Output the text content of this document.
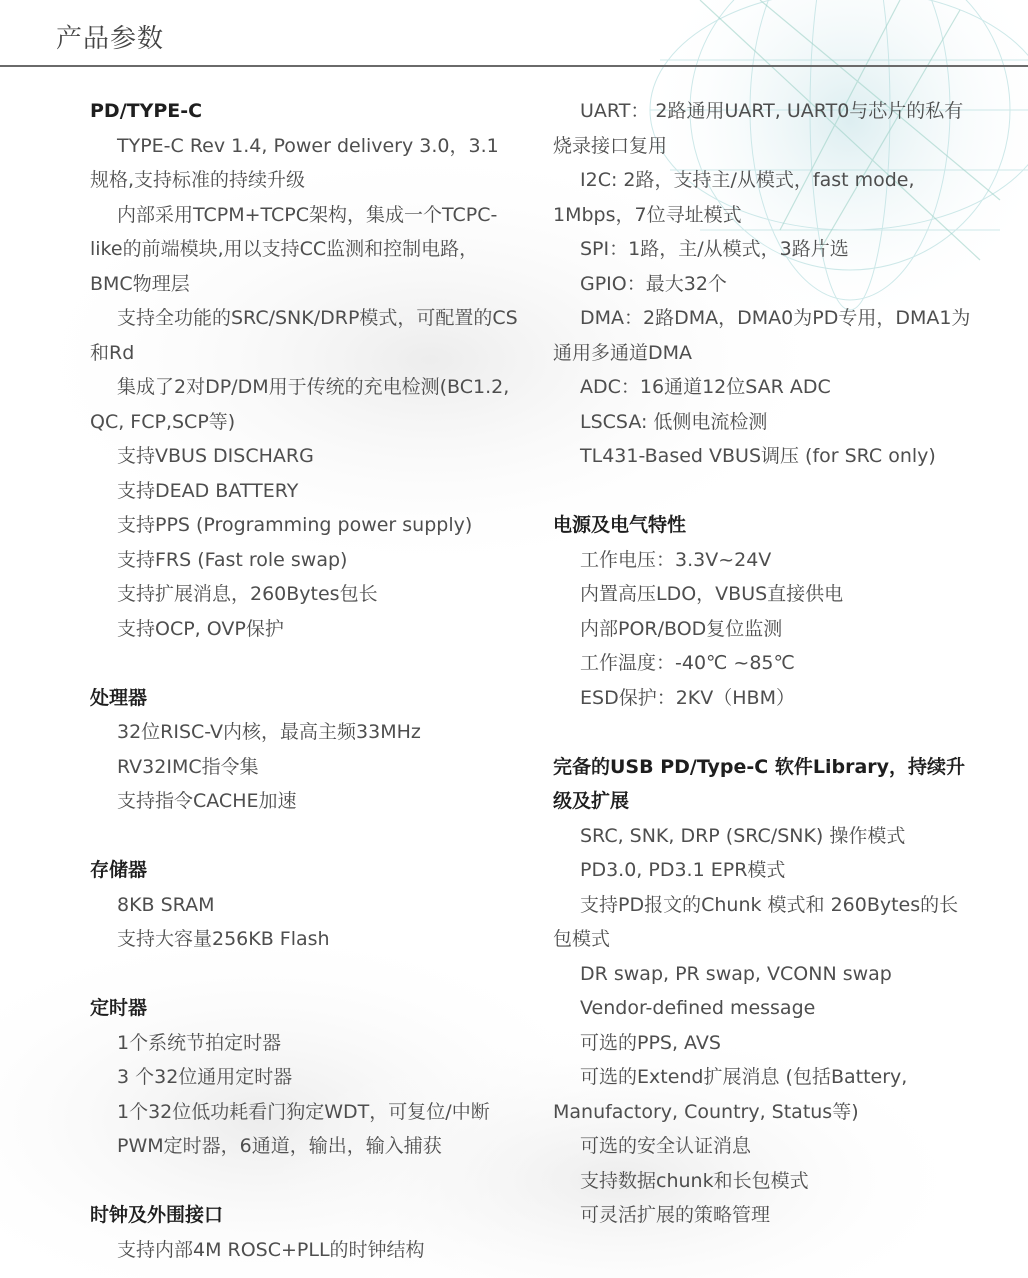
产品参数
PD/TYPE-C
TYPE-C Rev 1.4, Power delivery 3.0，3.1 规格,支持标准的持续升级
内部采用TCPM+TCPC架构，集成一个TCPC-like的前端模块,用以支持CC监测和控制电路，BMC物理层
支持全功能的SRC/SNK/DRP模式，可配置的CS和Rd
集成了2对DP/DM用于传统的充电检测(BC1.2, QC, FCP,SCP等)
支持VBUS DISCHARG
支持DEAD BATTERY
支持PPS (Programming power supply)
支持FRS (Fast role swap)
支持扩展消息，260Bytes包长
支持OCP, OVP保护
处理器
32位RISC-V内核，最高主频33MHz
RV32IMC指令集
支持指令CACHE加速
存储器
8KB SRAM
支持大容量256KB Flash
定时器
1个系统节拍定时器
3 个32位通用定时器
1个32位低功耗看门狗定WDT，可复位/中断
PWM定时器，6通道，输出，输入捕获
时钟及外围接口
支持内部4M ROSC+PLL的时钟结构
UART： 2路通用UART, UART0与芯片的私有烧录接口复用
I2C: 2路，支持主/从模式，fast mode, 1Mbps，7位寻址模式
SPI：1路，主/从模式，3路片选
GPIO：最大32个
DMA：2路DMA，DMA0为PD专用，DMA1为通用多通道DMA
ADC：16通道12位SAR ADC
LSCSA: 低侧电流检测
TL431-Based VBUS调压 (for SRC only)
电源及电气特性
工作电压：3.3V~24V
内置高压LDO，VBUS直接供电
内部POR/BOD复位监测
工作温度：-40℃ ~85℃
ESD保护：2KV（HBM）
完备的USB PD/Type-C 软件Library，持续升级及扩展
SRC, SNK, DRP (SRC/SNK) 操作模式
PD3.0, PD3.1 EPR模式
支持PD报文的Chunk 模式和 260Bytes的长包模式
DR swap, PR swap, VCONN swap
Vendor-defined message
可选的PPS, AVS
可选的Extend扩展消息 (包括Battery, Manufactory, Country, Status等)
可选的安全认证消息
支持数据chunk和长包模式
可灵活扩展的策略管理
